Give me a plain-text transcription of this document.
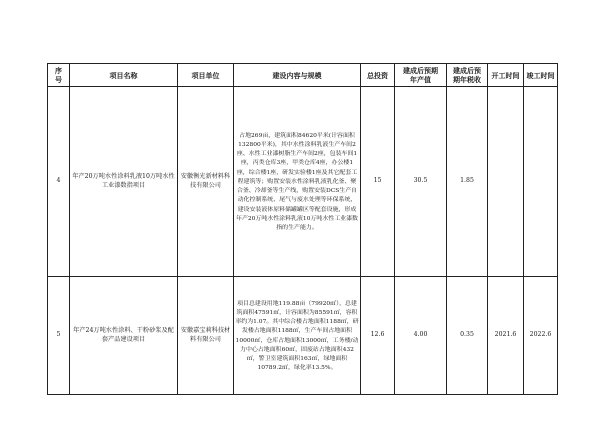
序号	项目名称	项目单位	建设内容与规模	总投资	建成后预期年产值	建成后预期年税收	开工时间	竣工时间
4	年产20万吨水性涂料乳液10万吨水性工业漆数指项目	安徽衡光新材料科技有限公司	占地269亩，建筑面积84620平米(计容面积132800平米)，其中水性涂料乳液生产车间2座、水性工业漆树脂生产车间2座，包装车间1座，丙类仓库3座，甲类仓库4座，办公楼1座，综合楼1座，研发实验楼1座及其它配套工程建筑等；购置安装水性涂料乳液乳化釜、聚合釜、冷却釜等生产线，购置安装DCS生产自动化控制系统、尾气与废水处理等环保系统，建设安装液体原料储罐罐区等配套设施，形成年产20万吨水性涂料乳液10万吨水性工业漆数指的生产能力。	15	30.5	1.85		
5	年产24万吨水性涂料、干粉砂浆及配套产品建设项目	安徽嘉宝莉科技材料有限公司	项目总建设用地119.88亩（79920㎡），总建筑面积47591㎡，计容面积为85591㎡，容积率约为1.07。其中综合楼占地面积1188㎡，研发楼占地面积1188㎡，生产车间占地面积10000㎡，仓库占地面积13000㎡，工务楼/动力中心占地面积60㎡，固废站占地面积432㎡，警卫室建筑面积163㎡，绿地面积10789.2㎡，绿化率13.5%。	12.6	4.00	0.35	2021.6	2022.6
